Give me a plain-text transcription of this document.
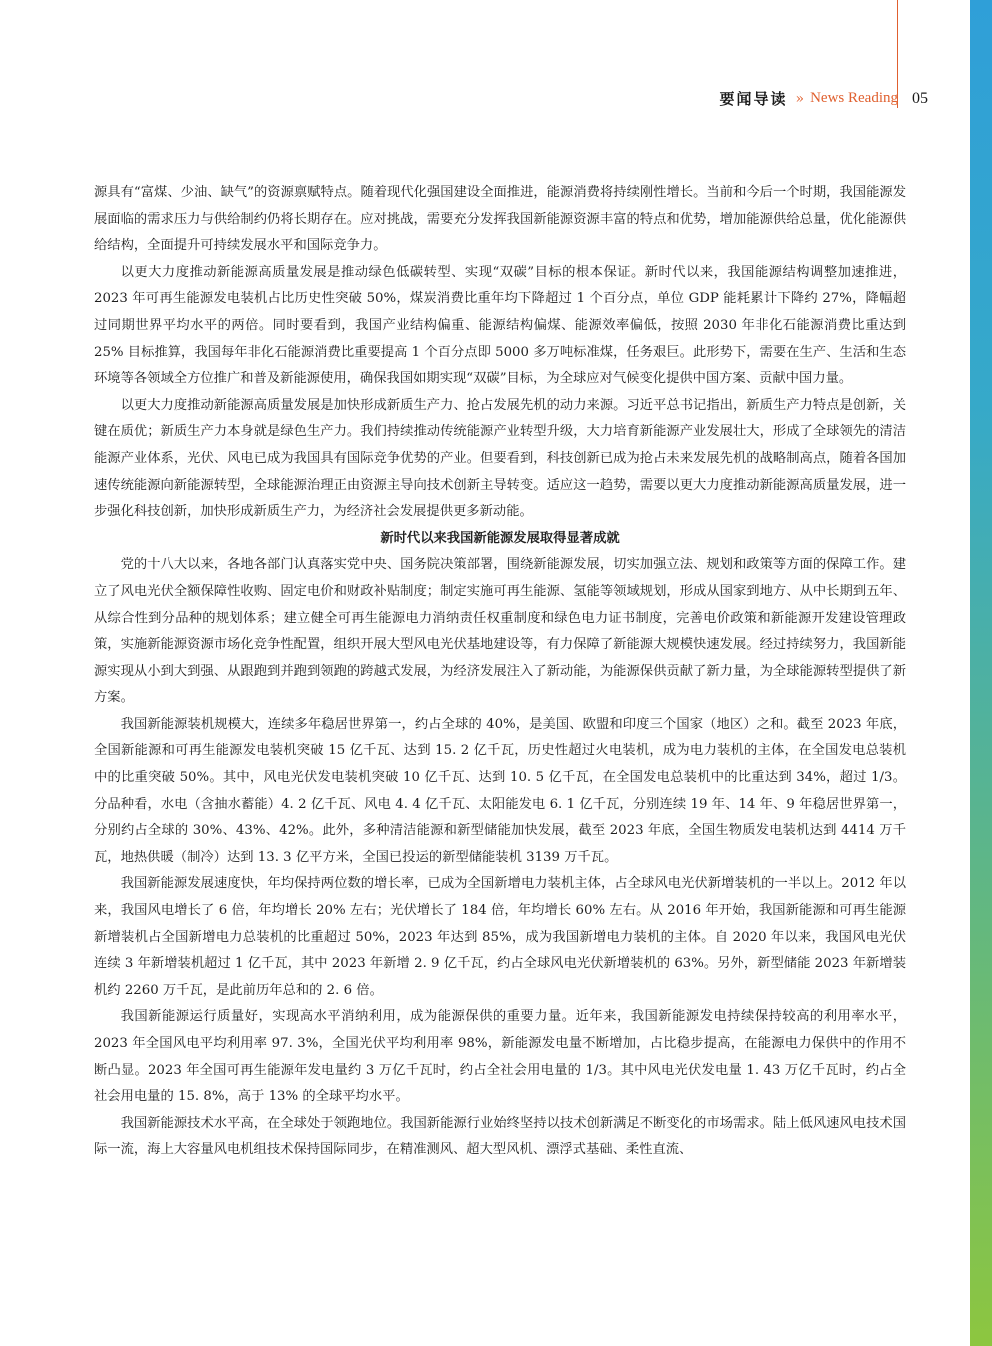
要闻导读 » News Reading 05

源具有“富煤、少油、缺气”的资源禀赋特点。随着现代化强国建设全面推进，能源消费将持续刚性增长。当前和今后一个时期，我国能源发展面临的需求压力与供给制约仍将长期存在。应对挑战，需要充分发挥我国新能源资源丰富的特点和优势，增加能源供给总量，优化能源供给结构，全面提升可持续发展水平和国际竞争力。

以更大力度推动新能源高质量发展是推动绿色低碳转型、实现“双碳”目标的根本保证。新时代以来，我国能源结构调整加速推进，2023 年可再生能源发电装机占比历史性突破 50%，煤炭消费比重年均下降超过 1 个百分点，单位 GDP 能耗累计下降约 27%，降幅超过同期世界平均水平的两倍。同时要看到，我国产业结构偏重、能源结构偏煤、能源效率偏低，按照 2030 年非化石能源消费比重达到 25% 目标推算，我国每年非化石能源消费比重要提高 1 个百分点即 5000 多万吨标准煤，任务艰巨。此形势下，需要在生产、生活和生态环境等各领域全方位推广和普及新能源使用，确保我国如期实现“双碳”目标，为全球应对气候变化提供中国方案、贡献中国力量。

以更大力度推动新能源高质量发展是加快形成新质生产力、抢占发展先机的动力来源。习近平总书记指出，新质生产力特点是创新，关键在质优；新质生产力本身就是绿色生产力。我们持续推动传统能源产业转型升级，大力培育新能源产业发展壮大，形成了全球领先的清洁能源产业体系，光伏、风电已成为我国具有国际竞争优势的产业。但要看到，科技创新已成为抢占未来发展先机的战略制高点，随着各国加速传统能源向新能源转型，全球能源治理正由资源主导向技术创新主导转变。适应这一趋势，需要以更大力度推动新能源高质量发展，进一步强化科技创新，加快形成新质生产力，为经济社会发展提供更多新动能。

新时代以来我国新能源发展取得显著成就

党的十八大以来，各地各部门认真落实党中央、国务院决策部署，围绕新能源发展，切实加强立法、规划和政策等方面的保障工作。建立了风电光伏全额保障性收购、固定电价和财政补贴制度；制定实施可再生能源、氢能等领域规划，形成从国家到地方、从中长期到五年、从综合性到分品种的规划体系；建立健全可再生能源电力消纳责任权重制度和绿色电力证书制度，完善电价政策和新能源开发建设管理政策，实施新能源资源市场化竞争性配置，组织开展大型风电光伏基地建设等，有力保障了新能源大规模快速发展。经过持续努力，我国新能源实现从小到大到强、从跟跑到并跑到领跑的跨越式发展，为经济发展注入了新动能，为能源保供贡献了新力量，为全球能源转型提供了新方案。

我国新能源装机规模大，连续多年稳居世界第一，约占全球的 40%，是美国、欧盟和印度三个国家（地区）之和。截至 2023 年底，全国新能源和可再生能源发电装机突破 15 亿千瓦、达到 15. 2 亿千瓦，历史性超过火电装机，成为电力装机的主体，在全国发电总装机中的比重突破 50%。其中，风电光伏发电装机突破 10 亿千瓦、达到 10. 5 亿千瓦，在全国发电总装机中的比重达到 34%，超过 1/3。分品种看，水电（含抽水蓄能）4. 2 亿千瓦、风电 4. 4 亿千瓦、太阳能发电 6. 1 亿千瓦，分别连续 19 年、14 年、9 年稳居世界第一，分别约占全球的 30%、43%、42%。此外，多种清洁能源和新型储能加快发展，截至 2023 年底，全国生物质发电装机达到 4414 万千瓦，地热供暖（制冷）达到 13. 3 亿平方米，全国已投运的新型储能装机 3139 万千瓦。

我国新能源发展速度快，年均保持两位数的增长率，已成为全国新增电力装机主体，占全球风电光伏新增装机的一半以上。2012 年以来，我国风电增长了 6 倍，年均增长 20% 左右；光伏增长了 184 倍，年均增长 60% 左右。从 2016 年开始，我国新能源和可再生能源新增装机占全国新增电力总装机的比重超过 50%，2023 年达到 85%，成为我国新增电力装机的主体。自 2020 年以来，我国风电光伏连续 3 年新增装机超过 1 亿千瓦，其中 2023 年新增 2. 9 亿千瓦，约占全球风电光伏新增装机的 63%。另外，新型储能 2023 年新增装机约 2260 万千瓦，是此前历年总和的 2. 6 倍。

我国新能源运行质量好，实现高水平消纳利用，成为能源保供的重要力量。近年来，我国新能源发电持续保持较高的利用率水平，2023 年全国风电平均利用率 97. 3%，全国光伏平均利用率 98%，新能源发电量不断增加，占比稳步提高，在能源电力保供中的作用不断凸显。2023 年全国可再生能源年发电量约 3 万亿千瓦时，约占全社会用电量的 1/3。其中风电光伏发电量 1. 43 万亿千瓦时，约占全社会用电量的 15. 8%，高于 13% 的全球平均水平。

我国新能源技术水平高，在全球处于领跑地位。我国新能源行业始终坚持以技术创新满足不断变化的市场需求。陆上低风速风电技术国际一流，海上大容量风电机组技术保持国际同步，在精准测风、超大型风机、漂浮式基础、柔性直流、
